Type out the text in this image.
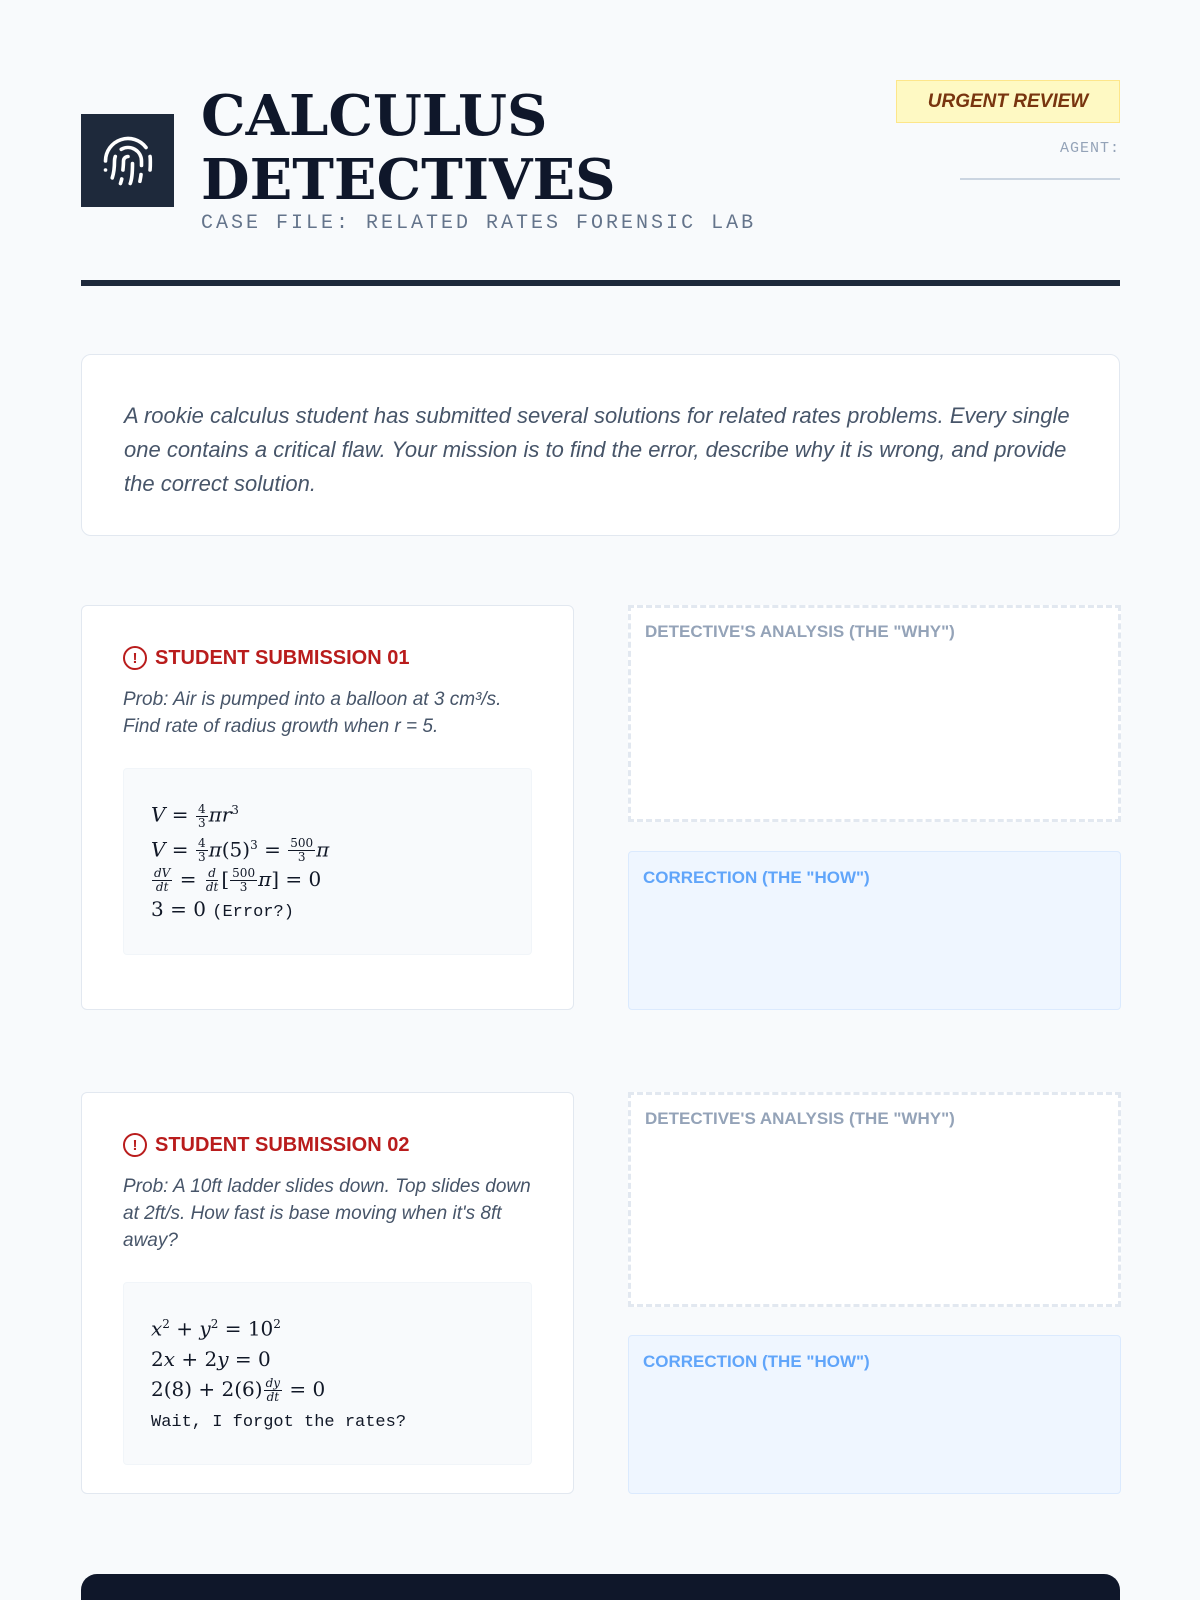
CALCULUS
DETECTIVES
CASE FILE: RELATED RATES FORENSIC LAB
URGENT REVIEW
AGENT:
A rookie calculus student has submitted several solutions for related rates problems. Every single one contains a critical flaw. Your mission is to find the error, describe why it is wrong, and provide the correct solution.
! STUDENT SUBMISSION 01
Prob: Air is pumped into a balloon at 3 cm³/s. Find rate of radius growth when r = 5.
$V = \frac{4}{3} \pi r^3$
$V = \frac{4}{3} \pi(5)^3 = \frac{500}{3}$ π
$\frac{dV}{dt} = \frac{d}{dt}$ [ $\frac{500}{3} \pi] = 0$
3 = 0 (Error?)
DETECTIVE'S ANALYSIS (THE "WHY")
CORRECTION (THE "HOW")
! STUDENT SUBMISSION 02
Prob: A 10ft ladder slides down. Top slides down at 2ft/s. How fast is base moving when it's 8ft away?
$x^2 + y^2 = 10^2$
2x + 2y = 0
$2(8) + 2(6) \frac{dy}{dt} = 0$
Wait, I forgot the rates?
DETECTIVE'S ANALYSIS (THE "WHY")
CORRECTION (THE "HOW")
